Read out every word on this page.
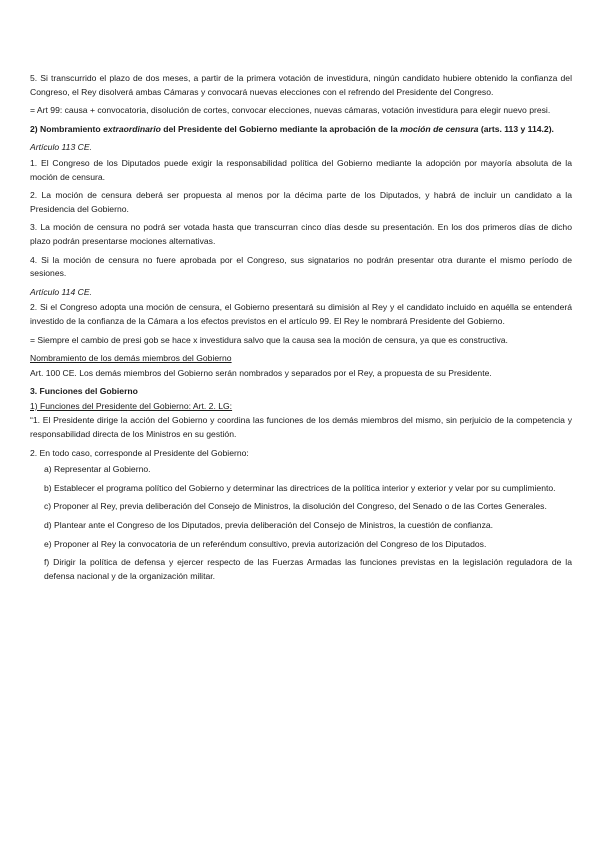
5. Si transcurrido el plazo de dos meses, a partir de la primera votación de investidura, ningún candidato hubiere obtenido la confianza del Congreso, el Rey disolverá ambas Cámaras y convocará nuevas elecciones con el refrendo del Presidente del Congreso.

= Art 99: causa + convocatoria, disolución de cortes, convocar elecciones, nuevas cámaras, votación investidura para elegir nuevo presi.

2) Nombramiento extraordinario del Presidente del Gobierno mediante la aprobación de la moción de censura (arts. 113 y 114.2).

Artículo 113 CE.

1. El Congreso de los Diputados puede exigir la responsabilidad política del Gobierno mediante la adopción por mayoría absoluta de la moción de censura.

2. La moción de censura deberá ser propuesta al menos por la décima parte de los Diputados, y habrá de incluir un candidato a la Presidencia del Gobierno.

3. La moción de censura no podrá ser votada hasta que transcurran cinco días desde su presentación. En los dos primeros días de dicho plazo podrán presentarse mociones alternativas.

4. Si la moción de censura no fuere aprobada por el Congreso, sus signatarios no podrán presentar otra durante el mismo período de sesiones.

Artículo 114 CE.

2. Si el Congreso adopta una moción de censura, el Gobierno presentará su dimisión al Rey y el candidato incluido en aquélla se entenderá investido de la confianza de la Cámara a los efectos previstos en el artículo 99. El Rey le nombrará Presidente del Gobierno.

= Siempre el cambio de presi gob se hace x investidura salvo que la causa sea la moción de censura, ya que es constructiva.

Nombramiento de los demás miembros del Gobierno

Art. 100 CE. Los demás miembros del Gobierno serán nombrados y separados por el Rey, a propuesta de su Presidente.

3. Funciones del Gobierno

1) Funciones del Presidente del Gobierno: Art. 2. LG:

“1. El Presidente dirige la acción del Gobierno y coordina las funciones de los demás miembros del mismo, sin perjuicio de la competencia y responsabilidad directa de los Ministros en su gestión.

2. En todo caso, corresponde al Presidente del Gobierno:

a) Representar al Gobierno.

b) Establecer el programa político del Gobierno y determinar las directrices de la política interior y exterior y velar por su cumplimiento.

c) Proponer al Rey, previa deliberación del Consejo de Ministros, la disolución del Congreso, del Senado o de las Cortes Generales.

d) Plantear ante el Congreso de los Diputados, previa deliberación del Consejo de Ministros, la cuestión de confianza.

e) Proponer al Rey la convocatoria de un referéndum consultivo, previa autorización del Congreso de los Diputados.

f) Dirigir la política de defensa y ejercer respecto de las Fuerzas Armadas las funciones previstas en la legislación reguladora de la defensa nacional y de la organización militar.
